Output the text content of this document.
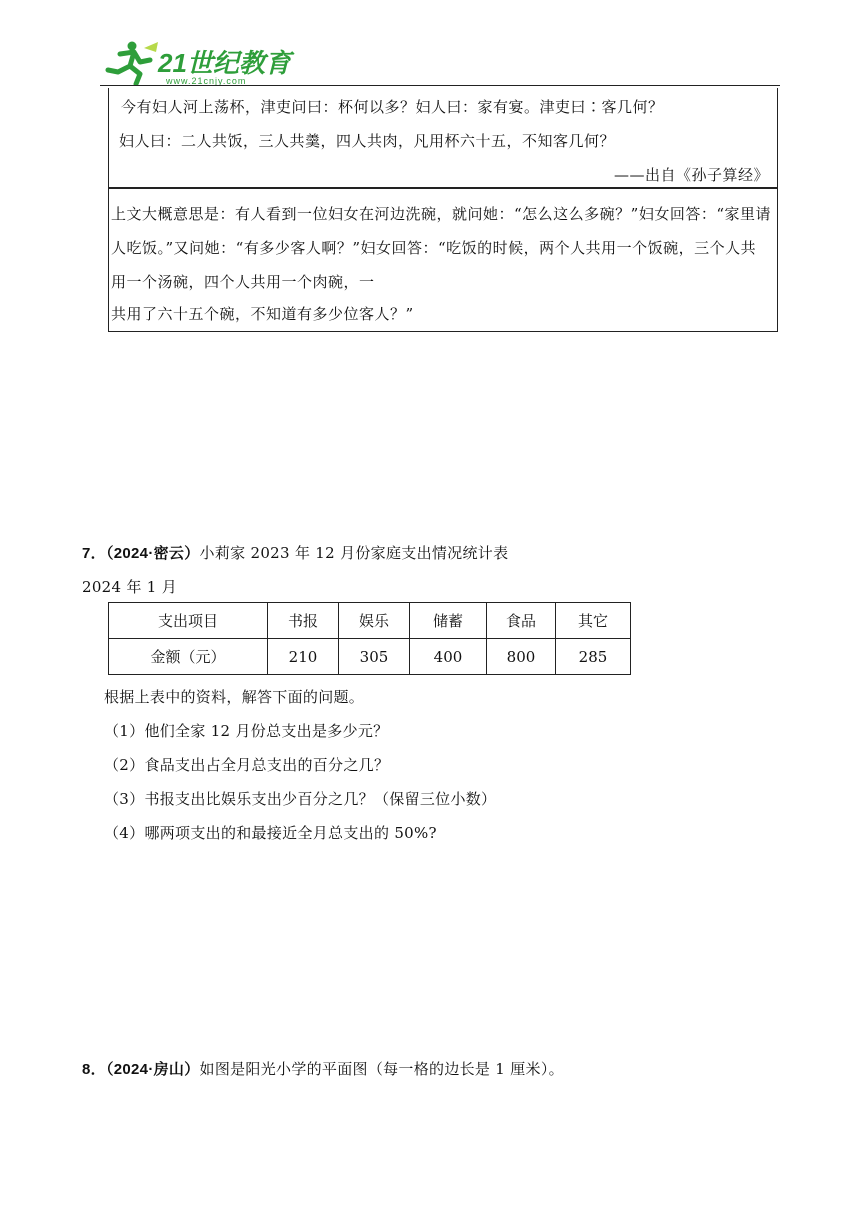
21世纪教育
www.21cnjy.com
今有妇人河上荡杯，津吏问曰：杯何以多？妇人曰：家有宴。津吏曰∶客几何？
妇人曰：二人共饭，三人共羹，四人共肉，凡用杯六十五，不知客几何？
——出自《孙子算经》
上文大概意思是：有人看到一位妇女在河边洗碗，就问她：“怎么这么多碗？”妇女回答：“家里请
人吃饭。”又问她：“有多少客人啊？”妇女回答：“吃饭的时候，两个人共用一个饭碗，三个人共
用一个汤碗，四个人共用一个肉碗，一
共用了六十五个碗，不知道有多少位客人？”
7．（2024·密云）小莉家 2023 年 12 月份家庭支出情况统计表
2024 年 1 月
支出项目	书报	娱乐	储蓄	食品	其它
金额（元）	210	305	400	800	285
根据上表中的资料，解答下面的问题。
（1）他们全家 12 月份总支出是多少元？
（2）食品支出占全月总支出的百分之几？
（3）书报支出比娱乐支出少百分之几？（保留三位小数）
（4）哪两项支出的和最接近全月总支出的 50%?
8．（2024·房山）如图是阳光小学的平面图（每一格的边长是 1 厘米）。
